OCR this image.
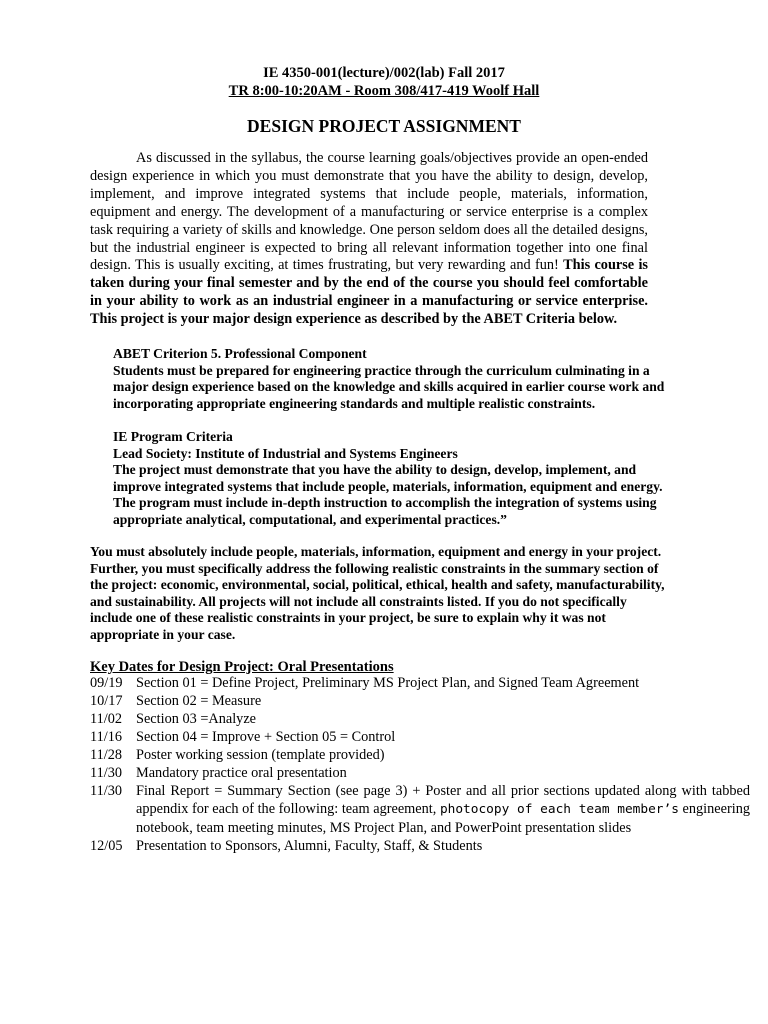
IE 4350-001(lecture)/002(lab) Fall 2017
TR 8:00-10:20AM - Room 308/417-419 Woolf Hall
DESIGN PROJECT ASSIGNMENT

As discussed in the syllabus, the course learning goals/objectives provide an open-ended design experience in which you must demonstrate that you have the ability to design, develop, implement, and improve integrated systems that include people, materials, information, equipment and energy. The development of a manufacturing or service enterprise is a complex task requiring a variety of skills and knowledge. One person seldom does all the detailed designs, but the industrial engineer is expected to bring all relevant information together into one final design. This is usually exciting, at times frustrating, but very rewarding and fun! This course is taken during your final semester and by the end of the course you should feel comfortable in your ability to work as an industrial engineer in a manufacturing or service enterprise. This project is your major design experience as described by the ABET Criteria below.

ABET Criterion 5. Professional Component
Students must be prepared for engineering practice through the curriculum culminating in a
major design experience based on the knowledge and skills acquired in earlier course work and
incorporating appropriate engineering standards and multiple realistic constraints.
IE Program Criteria
Lead Society: Institute of Industrial and Systems Engineers
The project must demonstrate that you have the ability to design, develop, implement, and
improve integrated systems that include people, materials, information, equipment and energy.
The program must include in-depth instruction to accomplish the integration of systems using
appropriate analytical, computational, and experimental practices.”
You must absolutely include people, materials, information, equipment and energy in your project.
Further, you must specifically address the following realistic constraints in the summary section of
the project: economic, environmental, social, political, ethical, health and safety, manufacturability,
and sustainability. All projects will not include all constraints listed. If you do not specifically
include one of these realistic constraints in your project, be sure to explain why it was not
appropriate in your case.
Key Dates for Design Project: Oral Presentations
09/19 Section 01 = Define Project, Preliminary MS Project Plan, and Signed Team Agreement
10/17 Section 02 = Measure
11/02 Section 03 =Analyze
11/16 Section 04 = Improve + Section 05 = Control
11/28 Poster working session (template provided)
11/30 Mandatory practice oral presentation
11/30 Final Report = Summary Section (see page 3) + Poster and all prior sections updated along with tabbed appendix for each of the following: team agreement, photocopy of each team member’s engineering notebook, team meeting minutes, MS Project Plan, and PowerPoint presentation slides
12/05 Presentation to Sponsors, Alumni, Faculty, Staff, & Students
